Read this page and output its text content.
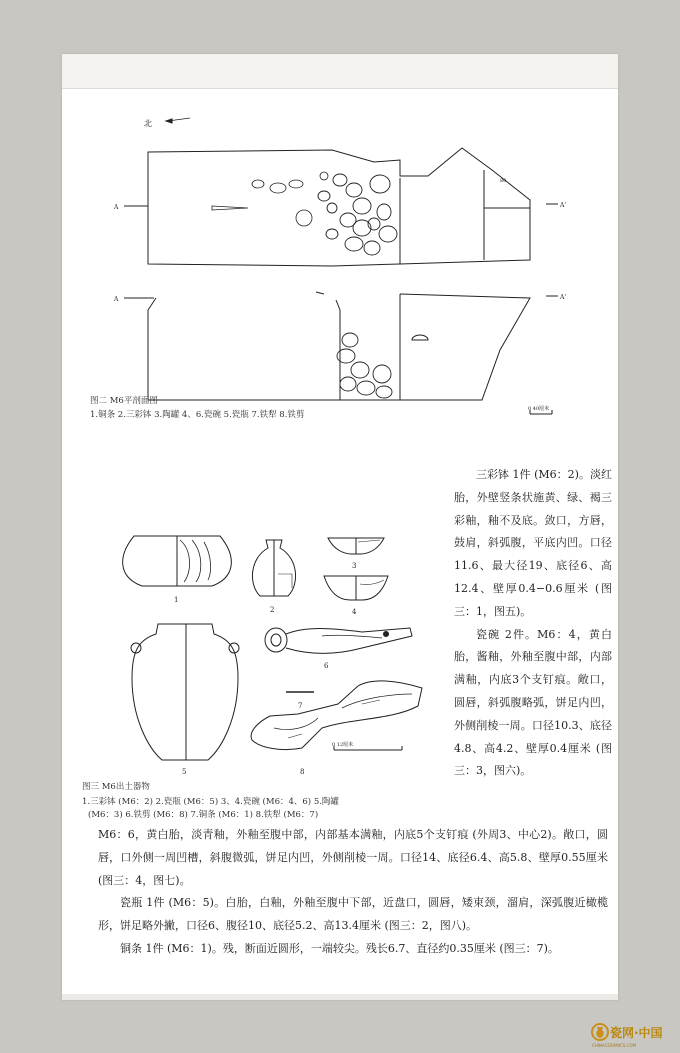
北
A	A'
80
A	A'
0 40厘米
0 12厘米
1
2
3
4
5
6
7
8
图二 M6平剖面图
1.铜条 2.三彩钵 3.陶罐 4、6.瓷碗 5.瓷瓶 7.铁犁 8.铁剪
图三 M6出土器物
1.三彩钵 (M6：2) 2.瓷瓶 (M6：5) 3、4.瓷碗 (M6：4、6) 5.陶罐
(M6：3) 6.铁剪 (M6：8) 7.铜条 (M6：1) 8.铁犁 (M6：7)

三彩钵 1件 (M6：2)。淡红胎，外壁竖条状施黄、绿、褐三彩釉，釉不及底。敛口，方唇，鼓肩，斜弧腹，平底内凹。口径11.6、最大径19、底径6、高12.4、壁厚0.4−0.6厘米 (图三：1，图五)。

瓷碗 2件。M6：4，黄白胎，酱釉，外釉至腹中部，内部满釉，内底3个支钉痕。敞口，圆唇，斜弧腹略弧，饼足内凹，外侧削棱一周。口径10.3、底径4.8、高4.2、壁厚0.4厘米 (图三：3，图六)。

M6：6，黄白胎，淡青釉，外釉至腹中部，内部基本满釉，内底5个支钉痕 (外周3、中心2)。敞口，圆唇，口外侧一周凹槽，斜腹微弧，饼足内凹，外侧削棱一周。口径14、底径6.4、高5.8、壁厚0.55厘米 (图三：4，图七)。

瓷瓶 1件 (M6：5)。白胎，白釉，外釉至腹中下部，近盘口，圆唇，矮束颈，溜肩，深弧腹近橄榄形，饼足略外撇，口径6、腹径10、底径5.2、高13.4厘米 (图三：2，图八)。

铜条 1件 (M6：1)。残，断面近圆形，一端较尖。残长6.7、直径约0.35厘米 (图三：7)。

瓷网·中国
CHINACERAMICS.COM
